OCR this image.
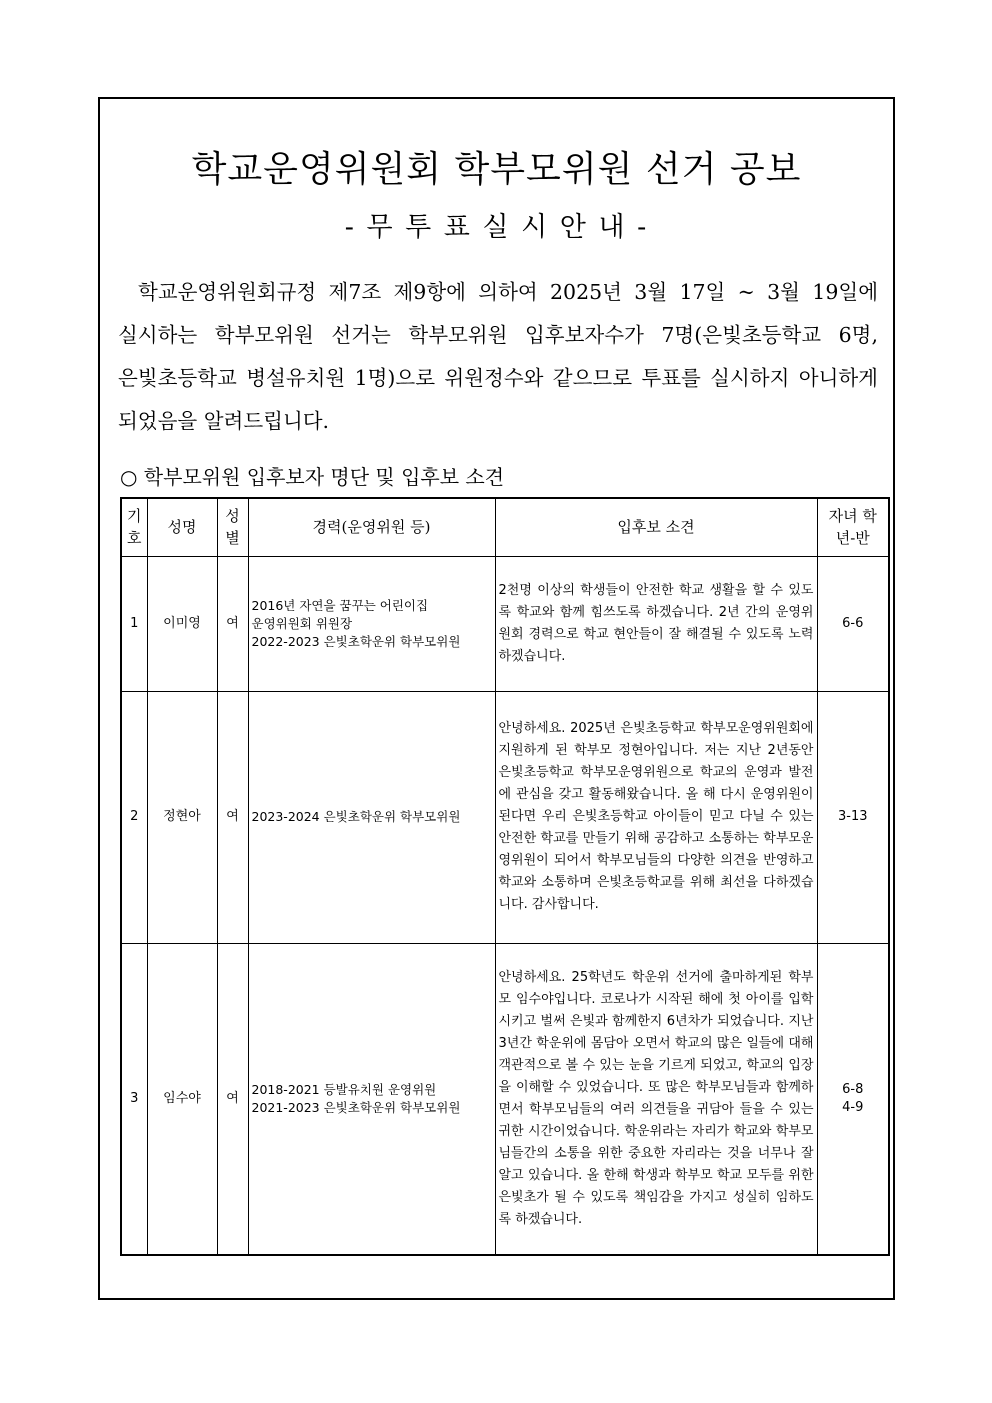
학교운영위원회 학부모위원 선거 공보
- 무 투 표 실 시 안 내 -
학교운영위원회규정 제7조 제9항에 의하여 2025년 3월 17일 ~ 3월 19일에 실시하는 학부모위원 선거는 학부모위원 입후보자수가 7명(은빛초등학교 6명, 은빛초등학교 병설유치원 1명)으로 위원정수와 같으므로 투표를 실시하지 아니하게 되었음을 알려드립니다.
○ 학부모위원 입후보자 명단 및 입후보 소견
기호	성명	성별	경력(운영위원 등)	입후보 소견	자녀 학년-반
1	이미영	여	2016년 자연을 꿈꾸는 어린이집
운영위원회 위원장
2022-2023 은빛초학운위 학부모위원	2천명 이상의 학생들이 안전한 학교 생활을 할 수 있도록 학교와 함께 힘쓰도록 하겠습니다. 2년 간의 운영위원회 경력으로 학교 현안들이 잘 해결될 수 있도록 노력하겠습니다.	6-6
2	정현아	여	2023-2024 은빛초학운위 학부모위원	안녕하세요. 2025년 은빛초등학교 학부모운영위원회에 지원하게 된 학부모 정현아입니다. 저는 지난 2년동안 은빛초등학교 학부모운영위원으로 학교의 운영과 발전에 관심을 갖고 활동해왔습니다. 올 해 다시 운영위원이 된다면 우리 은빛초등학교 아이들이 믿고 다닐 수 있는 안전한 학교를 만들기 위해 공감하고 소통하는 학부모운영위원이 되어서 학부모님들의 다양한 의견을 반영하고 학교와 소통하며 은빛초등학교를 위해 최선을 다하겠습니다. 감사합니다.	3-13
3	임수야	여	2018-2021 등발유치원 운영위원
2021-2023 은빛초학운위 학부모위원	안녕하세요. 25학년도 학운위 선거에 출마하게된 학부모 임수야입니다. 코로나가 시작된 해에 첫 아이를 입학시키고 벌써 은빛과 함께한지 6년차가 되었습니다. 지난 3년간 학운위에 몸담아 오면서 학교의 많은 일들에 대해 객관적으로 볼 수 있는 눈을 기르게 되었고, 학교의 입장을 이해할 수 있었습니다. 또 많은 학부모님들과 함께하면서 학부모님들의 여러 의견들을 귀담아 들을 수 있는 귀한 시간이었습니다. 학운위라는 자리가 학교와 학부모님들간의 소통을 위한 중요한 자리라는 것을 너무나 잘 알고 있습니다. 올 한해 학생과 학부모 학교 모두를 위한 은빛초가 될 수 있도록 책임감을 가지고 성실히 임하도록 하겠습니다.	6-8
4-9
